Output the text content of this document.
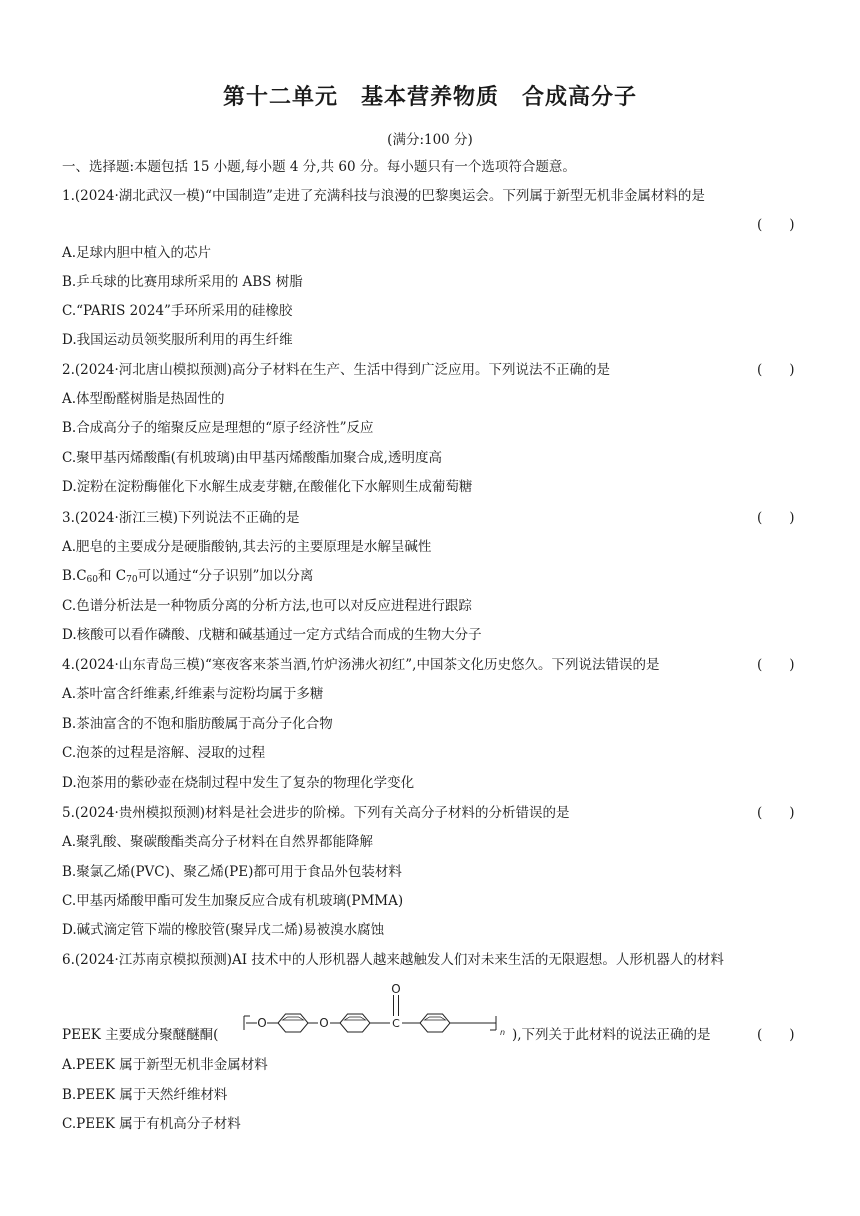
第十二单元　基本营养物质　合成高分子
(满分:100 分)
一、选择题:本题包括 15 小题,每小题 4 分,共 60 分。每小题只有一个选项符合题意。
1.(2024·湖北武汉一模)“中国制造”走进了充满科技与浪漫的巴黎奥运会。下列属于新型无机非金属材料的是
(　　)
A.足球内胆中植入的芯片
B.乒乓球的比赛用球所采用的 ABS 树脂
C.“PARIS 2024”手环所采用的硅橡胶
D.我国运动员领奖服所利用的再生纤维
2.(2024·河北唐山模拟预测)高分子材料在生产、生活中得到广泛应用。下列说法不正确的是	(　　)
A.体型酚醛树脂是热固性的
B.合成高分子的缩聚反应是理想的“原子经济性”反应
C.聚甲基丙烯酸酯(有机玻璃)由甲基丙烯酸酯加聚合成,透明度高
D.淀粉在淀粉酶催化下水解生成麦芽糖,在酸催化下水解则生成葡萄糖
3.(2024·浙江三模)下列说法不正确的是	(　　)
A.肥皂的主要成分是硬脂酸钠,其去污的主要原理是水解呈碱性
$B.C_{60}$和 $C_{70}$可以通过“分子识别”加以分离
C.色谱分析法是一种物质分离的分析方法,也可以对反应进程进行跟踪
D.核酸可以看作磷酸、戊糖和碱基通过一定方式结合而成的生物大分子
4.(2024·山东青岛三模)“寒夜客来茶当酒,竹炉汤沸火初红”,中国茶文化历史悠久。下列说法错误的是	(　　)
A.茶叶富含纤维素,纤维素与淀粉均属于多糖
B.茶油富含的不饱和脂肪酸属于高分子化合物
C.泡茶的过程是溶解、浸取的过程
D.泡茶用的紫砂壶在烧制过程中发生了复杂的物理化学变化
5.(2024·贵州模拟预测)材料是社会进步的阶梯。下列有关高分子材料的分析错误的是	(　　)
A.聚乳酸、聚碳酸酯类高分子材料在自然界都能降解
B.聚氯乙烯(PVC)、聚乙烯(PE)都可用于食品外包装材料
C.甲基丙烯酸甲酯可发生加聚反应合成有机玻璃(PMMA)
D.碱式滴定管下端的橡胶管(聚异戊二烯)易被溴水腐蚀
6.(2024·江苏南京模拟预测)AI 技术中的人形机器人越来越触发人们对未来生活的无限遐想。人形机器人的材料
PEEK 主要成分聚醚醚酮(
O	O	C
O
n ),下列关于此材料的说法正确的是	(　　)
A.PEEK 属于新型无机非金属材料
B.PEEK 属于天然纤维材料
C.PEEK 属于有机高分子材料
